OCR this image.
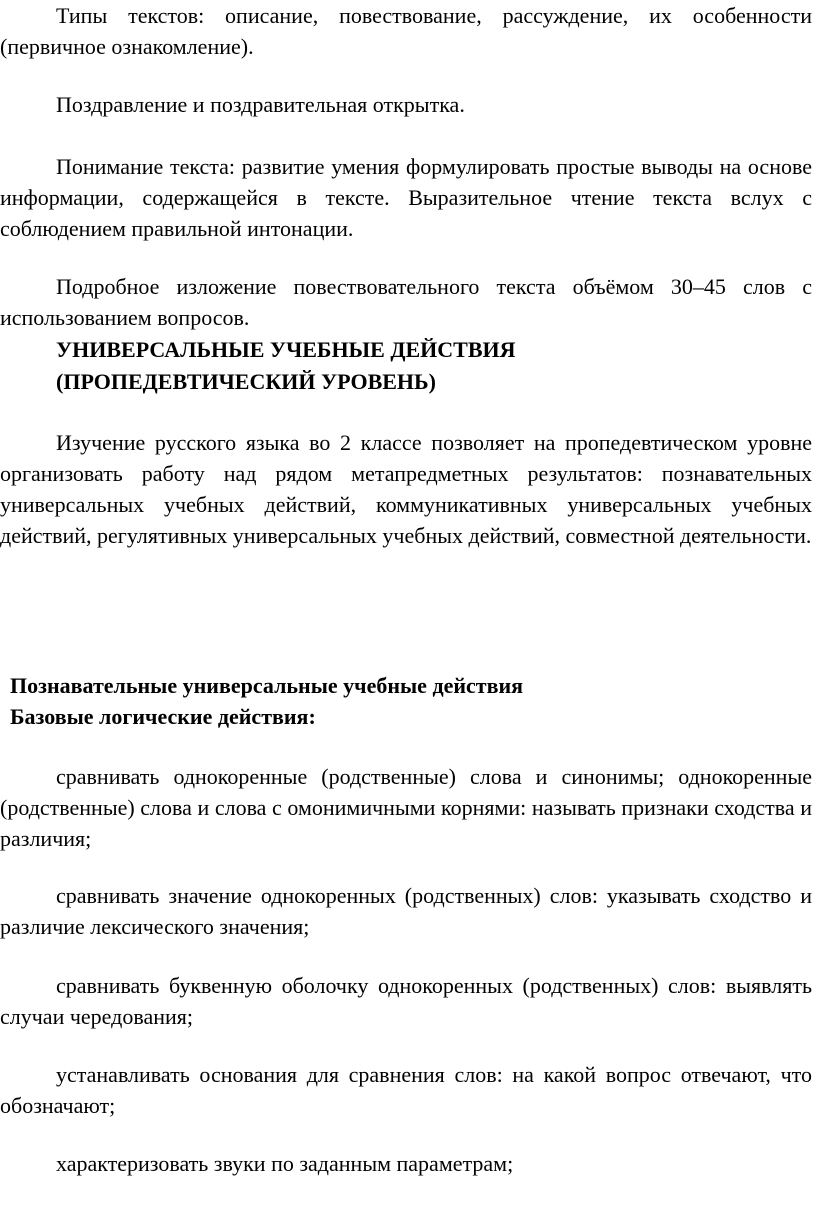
Типы текстов: описание, повествование, рассуждение, их особенности (первичное ознакомление).

Поздравление и поздравительная открытка.

Понимание текста: развитие умения формулировать простые выводы на основе информации, содержащейся в тексте. Выразительное чтение текста вслух с соблюдением правильной интонации.

Подробное изложение повествовательного текста объёмом 30–45 слов с использованием вопросов.

УНИВЕРСАЛЬНЫЕ УЧЕБНЫЕ ДЕЙСТВИЯ
(ПРОПЕДЕВТИЧЕСКИЙ УРОВЕНЬ)

Изучение русского языка во 2 классе позволяет на пропедевтическом уровне организовать работу над рядом метапредметных результатов: познавательных универсальных учебных действий, коммуникативных универсальных учебных действий, регулятивных универсальных учебных действий, совместной деятельности.

Познавательные универсальные учебные действия
Базовые логические действия:

сравнивать однокоренные (родственные) слова и синонимы; однокоренные (родственные) слова и слова с омонимичными корнями: называть признаки сходства и различия;

сравнивать значение однокоренных (родственных) слов: указывать сходство и различие лексического значения;

сравнивать буквенную оболочку однокоренных (родственных) слов: выявлять случаи чередования;

устанавливать основания для сравнения слов: на какой вопрос отвечают, что обозначают;

характеризовать звуки по заданным параметрам;
